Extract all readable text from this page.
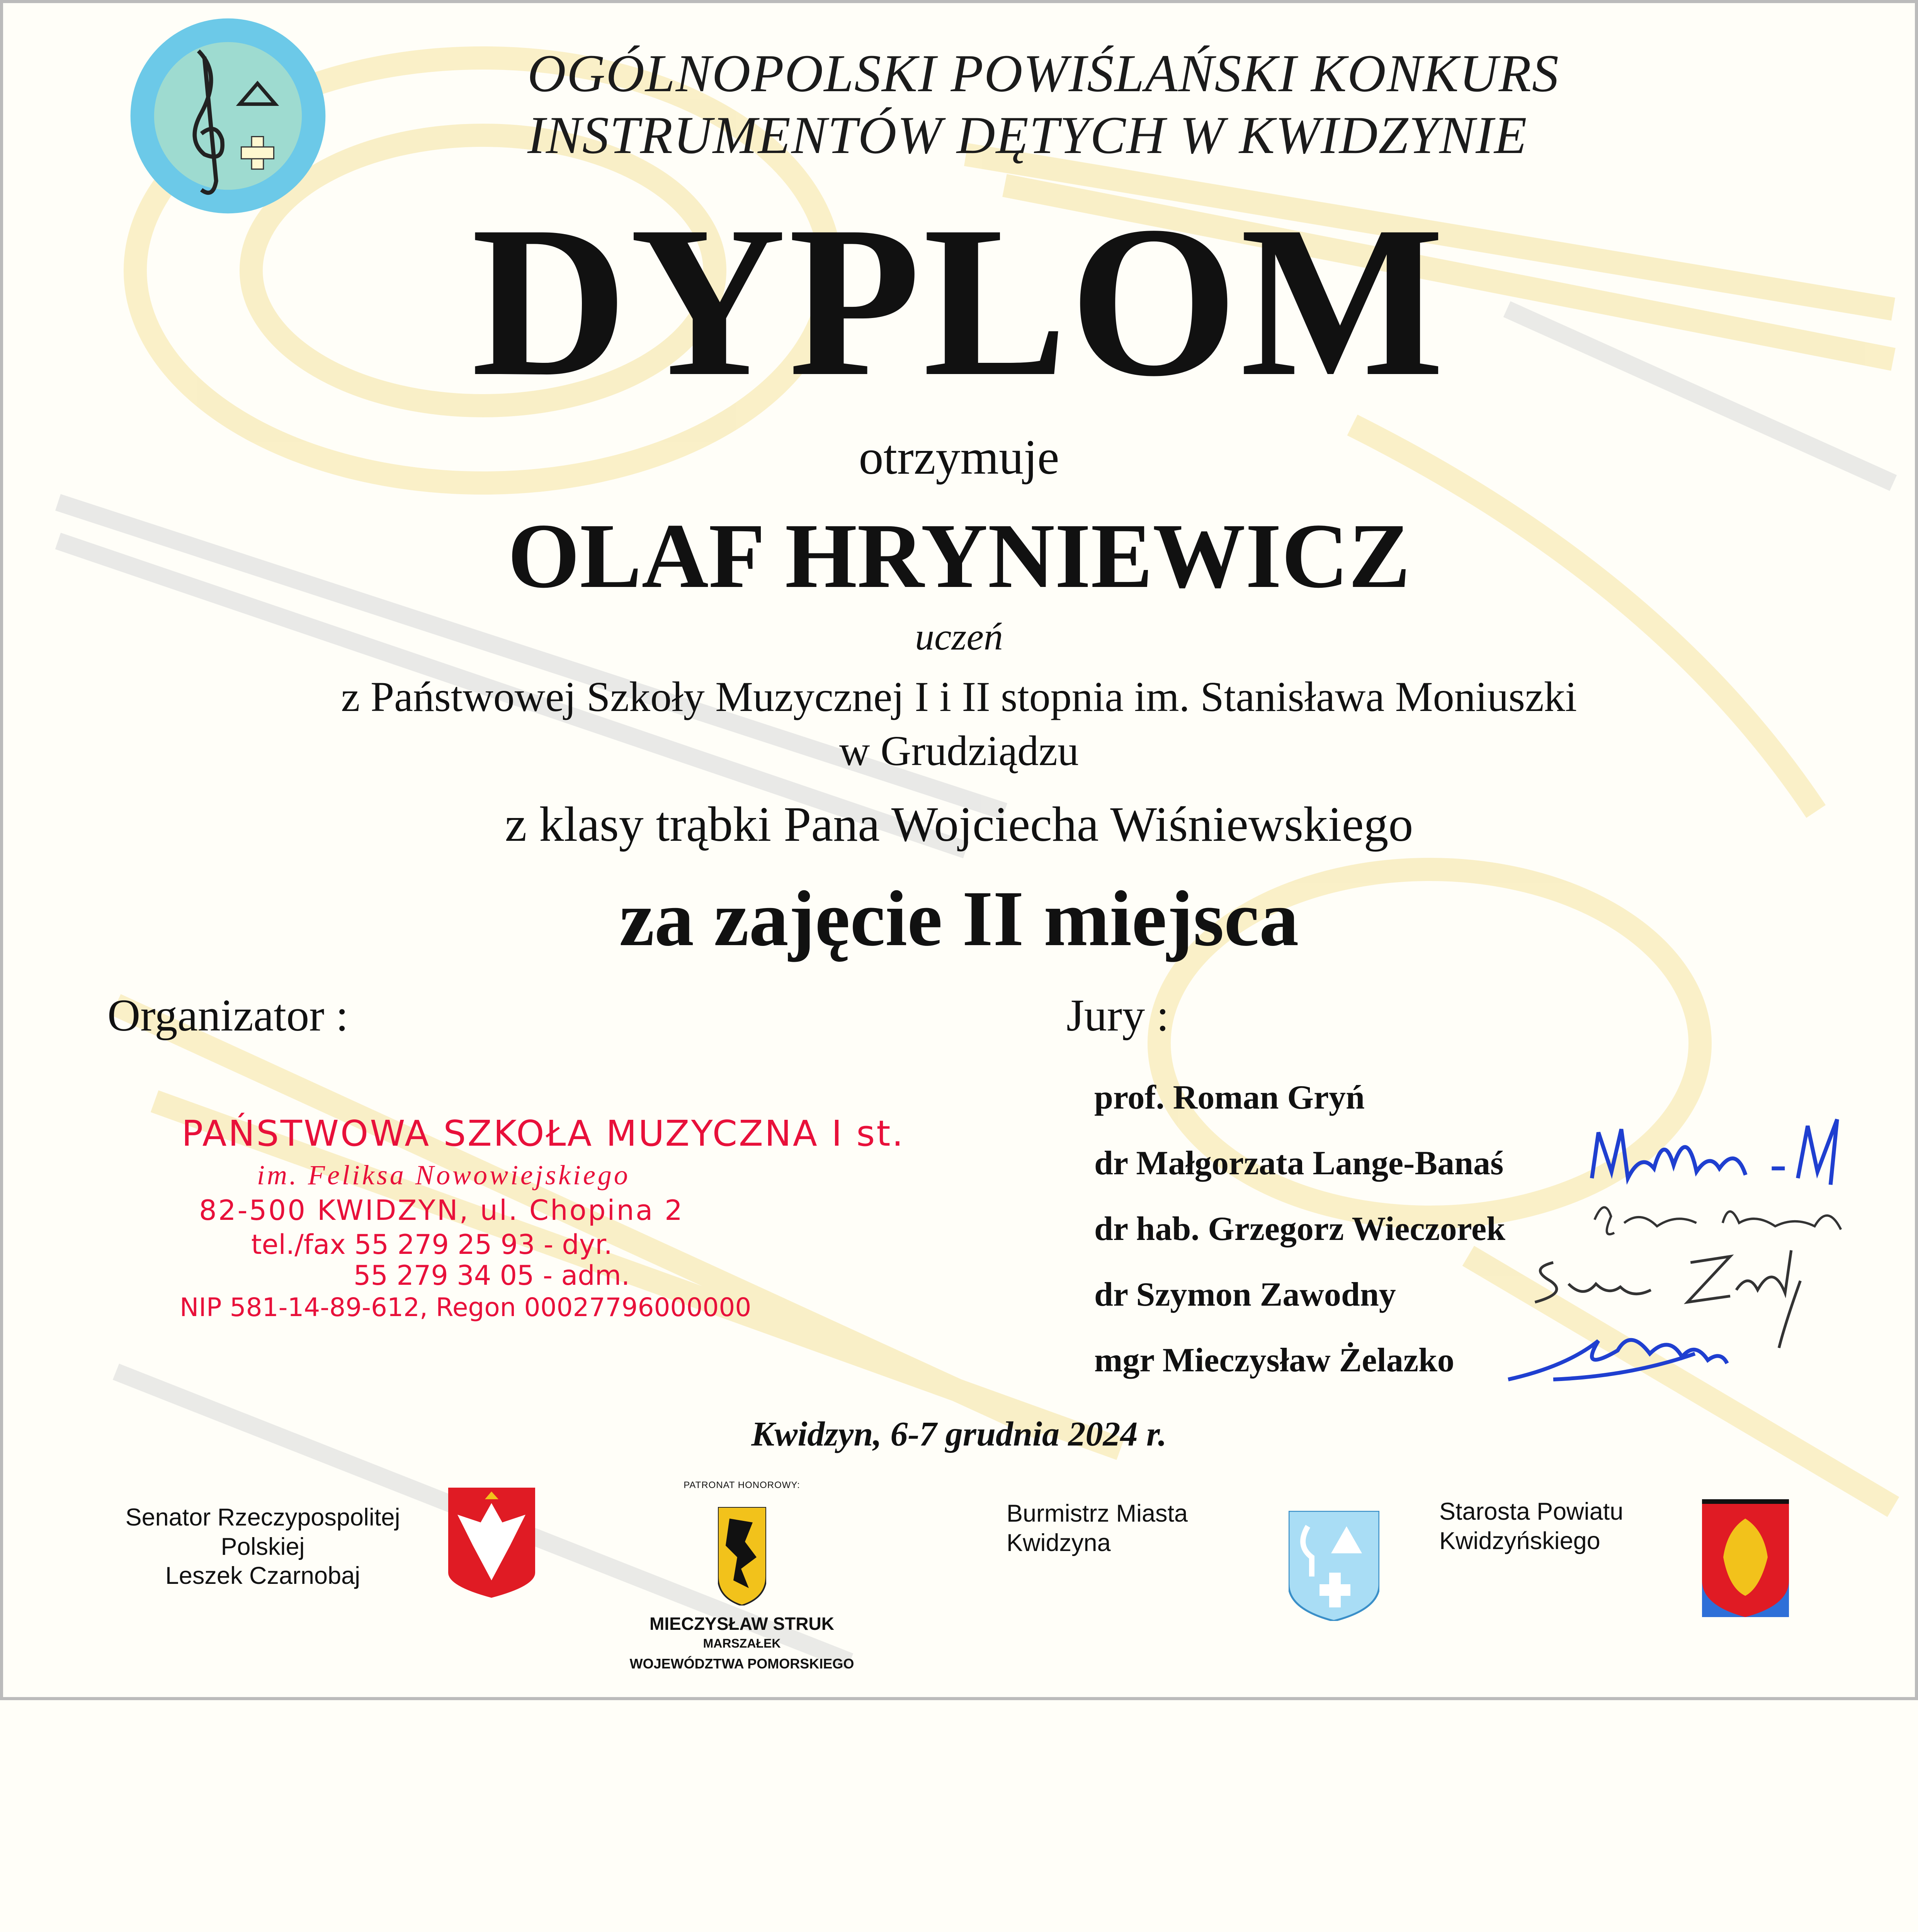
OGÓLNOPOLSKI POWIŚLAŃSKI KONKURS
INSTRUMENTÓW DĘTYCH W KWIDZYNIE
DYPLOM
otrzymuje
OLAF HRYNIEWICZ
uczeń
z Państwowej Szkoły Muzycznej I i II stopnia im. Stanisława Moniuszki
w Grudziądzu
z klasy trąbki Pana Wojciecha Wiśniewskiego
za zajęcie II miejsca
Organizator :	Jury :
PAŃSTWOWA SZKOŁA MUZYCZNA I st.
im. Feliksa Nowowiejskiego
82-500 KWIDZYN, ul. Chopina 2
tel./fax 55 279 25 93 - dyr.
55 279 34 05 - adm.
NIP 581-14-89-612, Regon 00027796000000
prof. Roman Gryń
dr Małgorzata Lange-Banaś
dr hab. Grzegorz Wieczorek
dr Szymon Zawodny
mgr Mieczysław Żelazko
Kwidzyn, 6-7 grudnia 2024 r.
Senator Rzeczypospolitej
Polskiej
Leszek Czarnobaj
PATRONAT HONOROWY:
MIECZYSŁAW STRUK
MARSZAŁEK
WOJEWÓDZTWA POMORSKIEGO
Burmistrz Miasta
Kwidzyna
Starosta Powiatu
Kwidzyńskiego
